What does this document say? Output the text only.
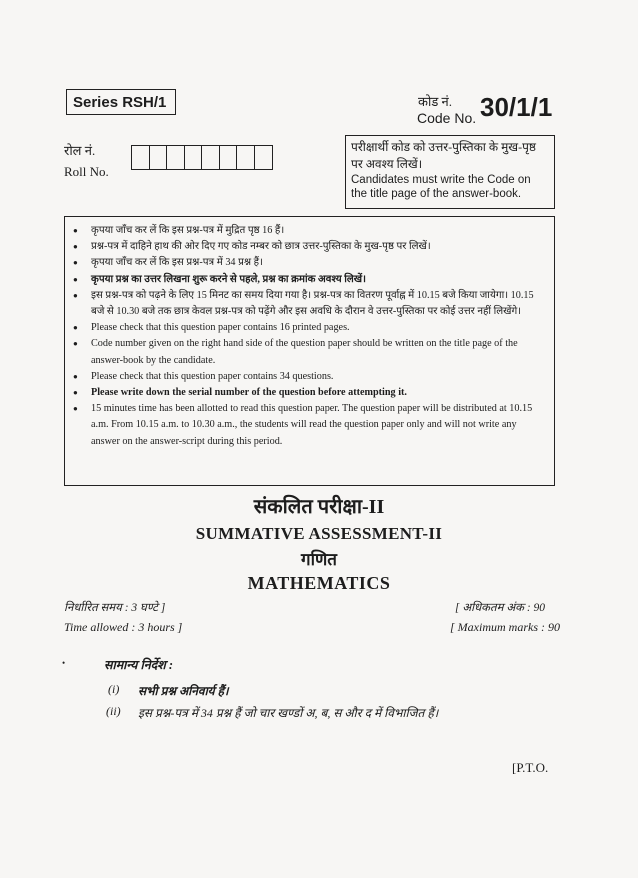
Series RSH/1	कोड नं.
Code No. 30/1/1
रोल नं.
Roll No.
परीक्षार्थी कोड को उत्तर-पुस्तिका के मुख-पृष्ठ पर अवश्य लिखें।
Candidates must write the Code on the title page of the answer-book.
● कृपया जाँच कर लें कि इस प्रश्न-पत्र में मुद्रित पृष्ठ 16 हैं।
● प्रश्न-पत्र में दाहिने हाथ की ओर दिए गए कोड नम्बर को छात्र उत्तर-पुस्तिका के मुख-पृष्ठ पर लिखें।
● कृपया जाँच कर लें कि इस प्रश्न-पत्र में 34 प्रश्न हैं।
● कृपया प्रश्न का उत्तर लिखना शुरू करने से पहले, प्रश्न का क्रमांक अवश्य लिखें।
● इस प्रश्न-पत्र को पढ़ने के लिए 15 मिनट का समय दिया गया है। प्रश्न-पत्र का वितरण पूर्वाह्न में 10.15 बजे किया जायेगा। 10.15 बजे से 10.30 बजे तक छात्र केवल प्रश्न-पत्र को पढ़ेंगे और इस अवधि के दौरान वे उत्तर-पुस्तिका पर कोई उत्तर नहीं लिखेंगे।
● Please check that this question paper contains 16 printed pages.
● Code number given on the right hand side of the question paper should be written on the title page of the answer-book by the candidate.
● Please check that this question paper contains 34 questions.
● Please write down the serial number of the question before attempting it.
● 15 minutes time has been allotted to read this question paper. The question paper will be distributed at 10.15 a.m. From 10.15 a.m. to 10.30 a.m., the students will read the question paper only and will not write any answer on the answer-script during this period.
संकलित परीक्षा-II
SUMMATIVE ASSESSMENT-II
गणित
MATHEMATICS
निर्धारित समय : 3 घण्टे ]
Time allowed : 3 hours ]
[ अधिकतम अंक : 90
[ Maximum marks : 90
•	सामान्य निर्देश :
(i) सभी प्रश्न अनिवार्य हैं।
(ii) इस प्रश्न-पत्र में 34 प्रश्न हैं जो चार खण्डों अ, ब, स और द में विभाजित हैं।
[P.T.O.
